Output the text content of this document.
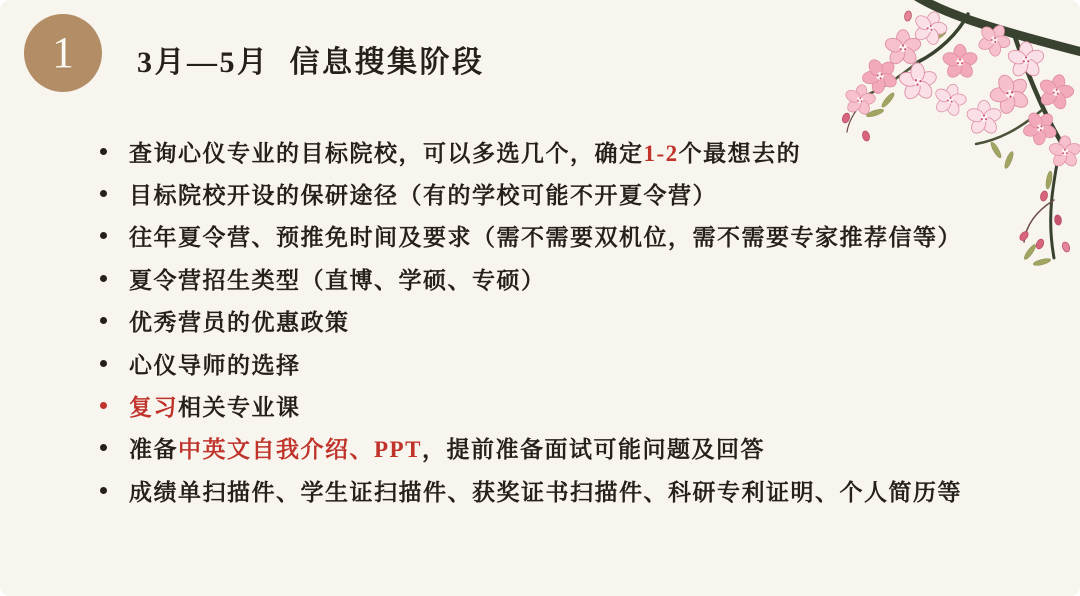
1 3月—5月  信息搜集阶段
查询心仪专业的目标院校，可以多选几个，确定1-2个最想去的
目标院校开设的保研途径（有的学校可能不开夏令营）
往年夏令营、预推免时间及要求（需不需要双机位，需不需要专家推荐信等）
夏令营招生类型（直博、学硕、专硕）
优秀营员的优惠政策
心仪导师的选择
复习相关专业课
准备中英文自我介绍、PPT，提前准备面试可能问题及回答
成绩单扫描件、学生证扫描件、获奖证书扫描件、科研专利证明、个人简历等
